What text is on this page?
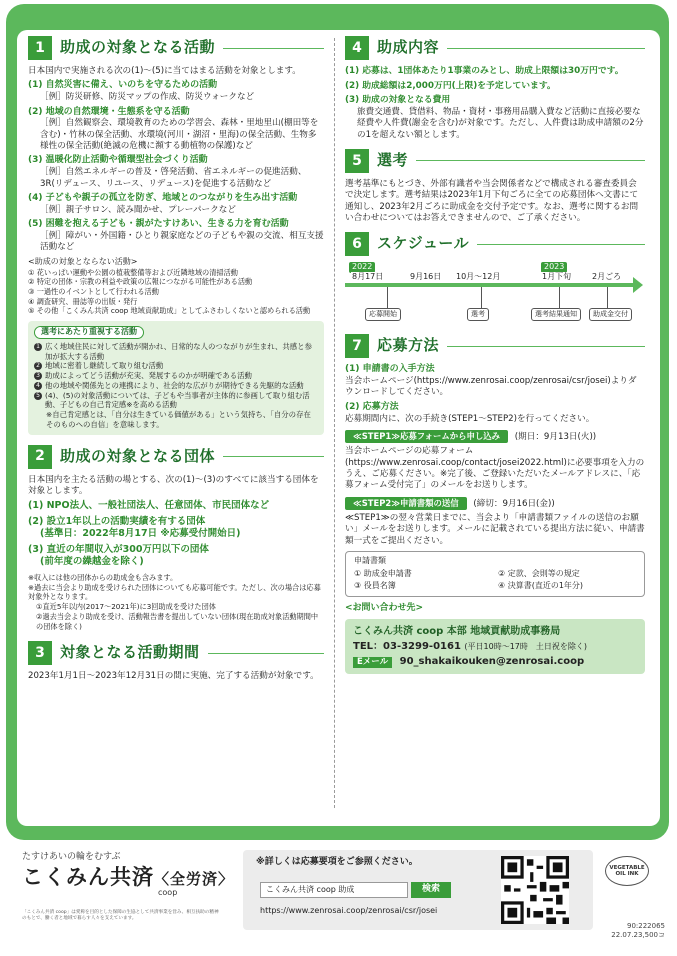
1	助成の対象となる活動

日本国内で実施される次の(1)～(5)に当てはまる活動を対象とします。

(1) 自然災害に備え、いのちを守るための活動
［例］防災研修、防災マップの作成、防災ウォークなど
(2) 地域の自然環境・生態系を守る活動
［例］自然観察会、環境教育のための学習会、森林・里地里山(棚田等を含む)・竹林の保全活動、水環境(河川・湖沼・里海)の保全活動、生物多様性の保全活動(絶滅の危機に瀕する動植物の保護)など
(3) 温暖化防止活動や循環型社会づくり活動
［例］自然エネルギーの普及・啓発活動、省エネルギーの促進活動、3R(リデュース、リユース、リデュース)を促進する活動など
(4) 子どもや親子の孤立を防ぎ、地域とのつながりを生み出す活動
［例］親子サロン、読み聞かせ、プレーパークなど
(5) 困難を抱える子ども・親がたすけあい、生きる力を育む活動
［例］障がい・外国籍・ひとり親家庭などの子どもや親の交流、相互支援活動など
<助成の対象とならない活動>
① 花いっぱい運動や公園の植栽整備等および近隣地域の清掃活動
② 特定の団体・宗教の利益や政策の広報につながる可能性がある活動
③ 一過性のイベントとして行われる活動
④ 調査研究、冊誌等の出版・発行
⑤ その他「こくみん共済 coop 地域貢献助成」としてふさわしくないと認められる活動
選考にあたり重視する活動
1 広く地域住民に対して活動が開かれ、日常的な人のつながりが生まれ、共感と参加が拡大する活動
2 地域に密着し継続して取り組む活動
3 助成によってどう活動が充実、発展するのかが明確である活動
4 他の地域や関係先との連携により、社会的な広がりが期待できる先駆的な活動
5 (4)、(5)の対象活動については、子どもや当事者が主体的に参画して取り組む活動、子どもの自己肯定感※を高める活動
※自己肯定感とは、「自分は生きている価値がある」という気持ち、「自分の存在そのものへの自信」を意味します。
2	助成の対象となる団体

日本国内を主たる活動の場とする、次の(1)～(3)のすべてに該当する団体を対象とします。

(1) NPO法人、一般社団法人、任意団体、市民団体など
(2) 設立1年以上の活動実績を有する団体
(基準日：2022年8月17日 ※応募受付開始日)
(3) 直近の年間収入が300万円以下の団体
(前年度の繰越金を除く)
※収入には他の団体からの助成金も含みます。
※過去に当会より助成を受けられた団体についても応募可能です。ただし、次の場合は応募対象外となります。
①直近5年以内(2017～2021年)に3回助成を受けた団体
②過去当会より助成を受け、活動報告書を提出していない団体(現在助成対象活動期間中の団体を除く)
3	対象となる活動期間

2023年1月1日～2023年12月31日の間に実施、完了する活動が対象です。

4	助成内容
(1) 応募は、1団体あたり1事業のみとし、助成上限額は30万円です。
(2) 助成総額は2,000万円(上限)を予定しています。
(3) 助成の対象となる費用

旅費交通費、貸借料、物品・資材・事務用品購入費など活動に直接必要な経費や人件費(謝金を含む)が対象です。ただし、人件費は助成申請額の2分の1を超えない額とします。

5	選考

選考基準にもとづき、外部有識者や当会関係者などで構成される審査委員会で決定します。選考結果は2023年1月下旬ごろに全ての応募団体へ文書にて通知し、2023年2月ごろに助成金を交付予定です。なお、選考に関するお問い合わせについてはお答えできませんので、ご了承ください。

6	スケジュール
2022	2023
8月17日	9月16日 10月～12月	1月下旬	2月ごろ
応募開始	選考	選考結果通知	助成金交付
7	応募方法
(1) 申請書の入手方法

当会ホームページ(https://www.zenrosai.coop/zenrosai/csr/josei)よりダウンロードしてください。

(2) 応募方法

応募期間内に、次の手続き(STEP1～STEP2)を行ってください。

≪STEP1≫応募フォームから申し込み (期日：9月13日(火))

当会ホームページの応募フォーム(https://www.zenrosai.coop/contact/josei2022.html)に必要事項を入力のうえ、ご応募ください。※完了後、ご登録いただいたメールアドレスに、「応募フォーム受付完了」のメールをお送りします。

≪STEP2≫申請書類の送信 (締切：9月16日(金))

≪STEP1≫の翌々営業日までに、当会より「申請書類ファイルの送信のお願い」メールをお送りします。メールに記載されている提出方法に従い、申請書類一式をご提出ください。

申請書類
① 助成金申請書	② 定款、会則等の規定
③ 役員名簿	④ 決算書(直近の1年分)
<お問い合わせ先>
こくみん共済 coop 本部 地域貢献助成事務局
TEL：03-3299-0161 (平日10時～17時　土日祝を除く)
Eメール 90_shakaikouken@zenrosai.coop
たすけあいの輪をむすぶ
こくみん共済〈全労済〉
coop
「こくみん共済 coop」は愛称を目的とした保障の生協として共済事業を営み、相互扶助の精神のもとで、働く者と地域で暮らす人々を支えています。
※詳しくは応募要項をご参照ください。
こくみん共済 coop 助成	検索
https://www.zenrosai.coop/zenrosai/csr/josei
VEGETABLE OIL INK
90:222065
22.07.23,500コ
